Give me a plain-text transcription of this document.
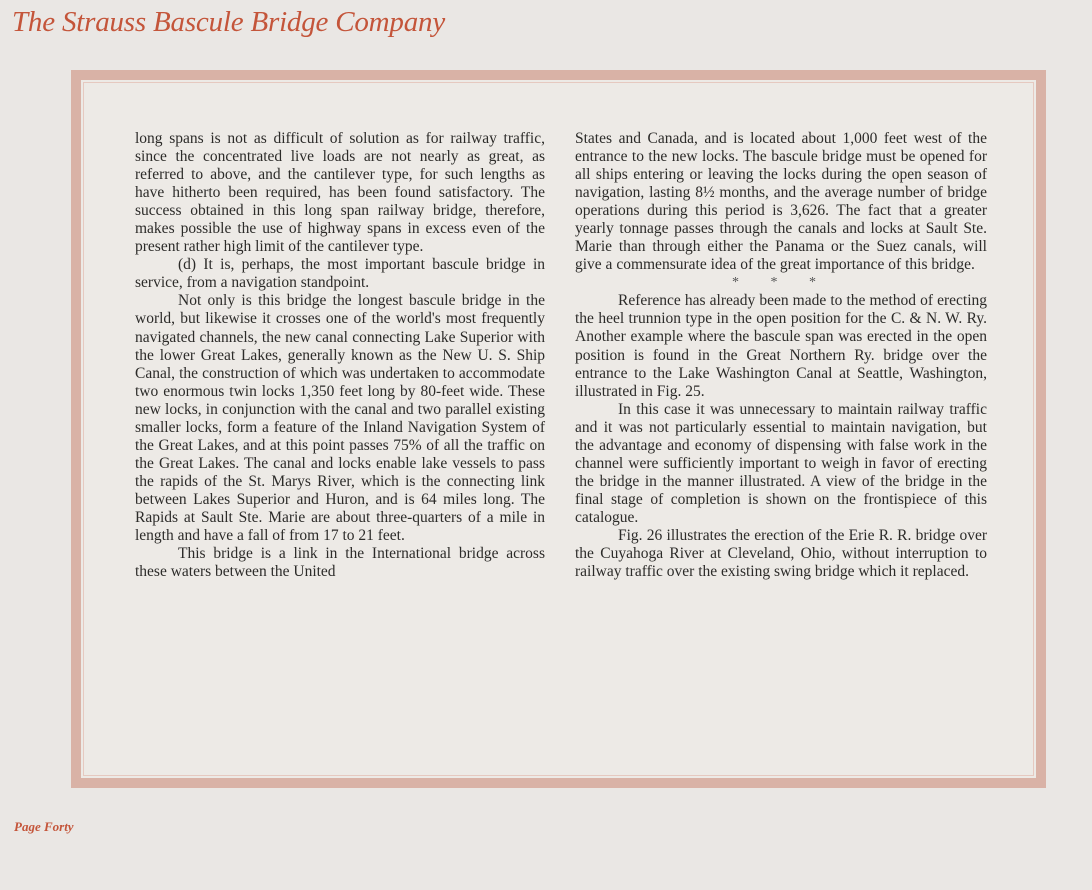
The Strauss Bascule Bridge Company

long spans is not as difficult of solution as for railway traffic, since the concentrated live loads are not nearly as great, as referred to above, and the cantilever type, for such lengths as have hitherto been required, has been found satisfactory. The success obtained in this long span railway bridge, therefore, makes possible the use of highway spans in excess even of the present rather high limit of the cantilever type.

(d) It is, perhaps, the most important bascule bridge in service, from a navigation standpoint.

Not only is this bridge the longest bascule bridge in the world, but likewise it crosses one of the world's most frequently navigated channels, the new canal connecting Lake Superior with the lower Great Lakes, generally known as the New U. S. Ship Canal, the construction of which was undertaken to accommodate two enormous twin locks 1,350 feet long by 80-feet wide. These new locks, in conjunction with the canal and two parallel existing smaller locks, form a feature of the Inland Navigation System of the Great Lakes, and at this point passes 75% of all the traffic on the Great Lakes. The canal and locks enable lake vessels to pass the rapids of the St. Marys River, which is the connecting link between Lakes Superior and Huron, and is 64 miles long. The Rapids at Sault Ste. Marie are about three-quarters of a mile in length and have a fall of from 17 to 21 feet.

This bridge is a link in the International bridge across these waters between the United

States and Canada, and is located about 1,000 feet west of the entrance to the new locks. The bascule bridge must be opened for all ships entering or leaving the locks during the open season of navigation, lasting 8½ months, and the average number of bridge operations during this period is 3,626. The fact that a greater yearly tonnage passes through the canals and locks at Sault Ste. Marie than through either the Panama or the Suez canals, will give a commensurate idea of the great importance of this bridge.

* * *

Reference has already been made to the method of erecting the heel trunnion type in the open position for the C. & N. W. Ry. Another example where the bascule span was erected in the open position is found in the Great Northern Ry. bridge over the entrance to the Lake Washington Canal at Seattle, Washington, illustrated in Fig. 25.

In this case it was unnecessary to maintain railway traffic and it was not particularly essential to maintain navigation, but the advantage and economy of dispensing with false work in the channel were sufficiently important to weigh in favor of erecting the bridge in the manner illustrated. A view of the bridge in the final stage of completion is shown on the frontispiece of this catalogue.

Fig. 26 illustrates the erection of the Erie R. R. bridge over the Cuyahoga River at Cleveland, Ohio, without interruption to railway traffic over the existing swing bridge which it replaced.

Page Forty
